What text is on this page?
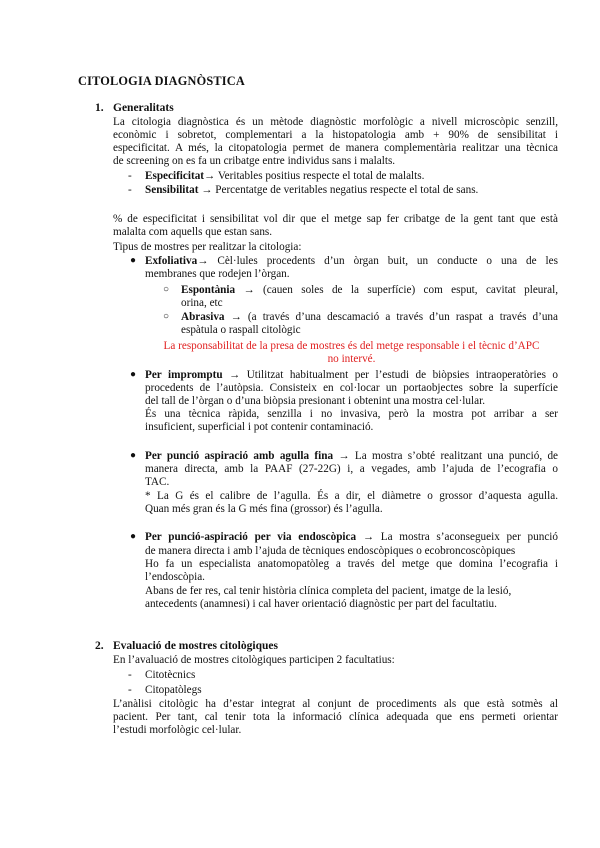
CITOLOGIA DIAGNÒSTICA
1. Generalitats
La citologia diagnòstica és un mètode diagnòstic morfològic a nivell microscòpic senzill,
econòmic i sobretot, complementari a la histopatologia amb + 90% de sensibilitat i
especificitat. A més, la citopatologia permet de manera complementària realitzar una tècnica
de screening on es fa un cribatge entre individus sans i malalts.
- Especificitat→ Veritables positius respecte el total de malalts.
- Sensibilitat → Percentatge de veritables negatius respecte el total de sans.
% de especificitat i sensibilitat vol dir que el metge sap fer cribatge de la gent tant que està
malalta com aquells que estan sans.
Tipus de mostres per realitzar la citologia:
● Exfoliativa→ Cèl·lules procedents d’un òrgan buit, un conducte o una de les
membranes que rodejen l’òrgan.
○ Espontània → (cauen soles de la superfície) com esput, cavitat pleural,
orina, etc
○ Abrasiva → (a través d’una descamació a través d’un raspat a través d’una
espàtula o raspall citològic
La responsabilitat de la presa de mostres és del metge responsable i el tècnic d’APC
no intervé.
● Per impromptu → Utilitzat habitualment per l’estudi de biòpsies intraoperatòries o
procedents de l’autòpsia. Consisteix en col·locar un portaobjectes sobre la superfície
del tall de l’òrgan o d’una biòpsia presionant i obtenint una mostra cel·lular.
És una tècnica ràpida, senzilla i no invasiva, però la mostra pot arribar a ser
insuficient, superficial i pot contenir contaminació.
● Per punció aspiració amb agulla fina → La mostra s’obté realitzant una punció, de
manera directa, amb la PAAF (27-22G) i, a vegades, amb l’ajuda de l’ecografia o
TAC.
* La G és el calibre de l’agulla. És a dir, el diàmetre o grossor d’aquesta agulla.
Quan més gran és la G més fina (grossor) és l’agulla.
● Per punció-aspiració per via endoscòpica → La mostra s’aconsegueix per punció
de manera directa i amb l’ajuda de tècniques endoscòpiques o ecobroncoscòpiques
Ho fa un especialista anatomopatòleg a través del metge que domina l’ecografia i
l’endoscòpia.
Abans de fer res, cal tenir història clínica completa del pacient, imatge de la lesió,
antecedents (anamnesi) i cal haver orientació diagnòstic per part del facultatiu.
2. Evaluació de mostres citològiques
En l’avaluació de mostres citològiques participen 2 facultatius:
- Citotècnics
- Citopatòlegs
L’anàlisi citològic ha d’estar integrat al conjunt de procediments als que està sotmès al
pacient. Per tant, cal tenir tota la informació clínica adequada que ens permeti orientar
l’estudi morfològic cel·lular.
